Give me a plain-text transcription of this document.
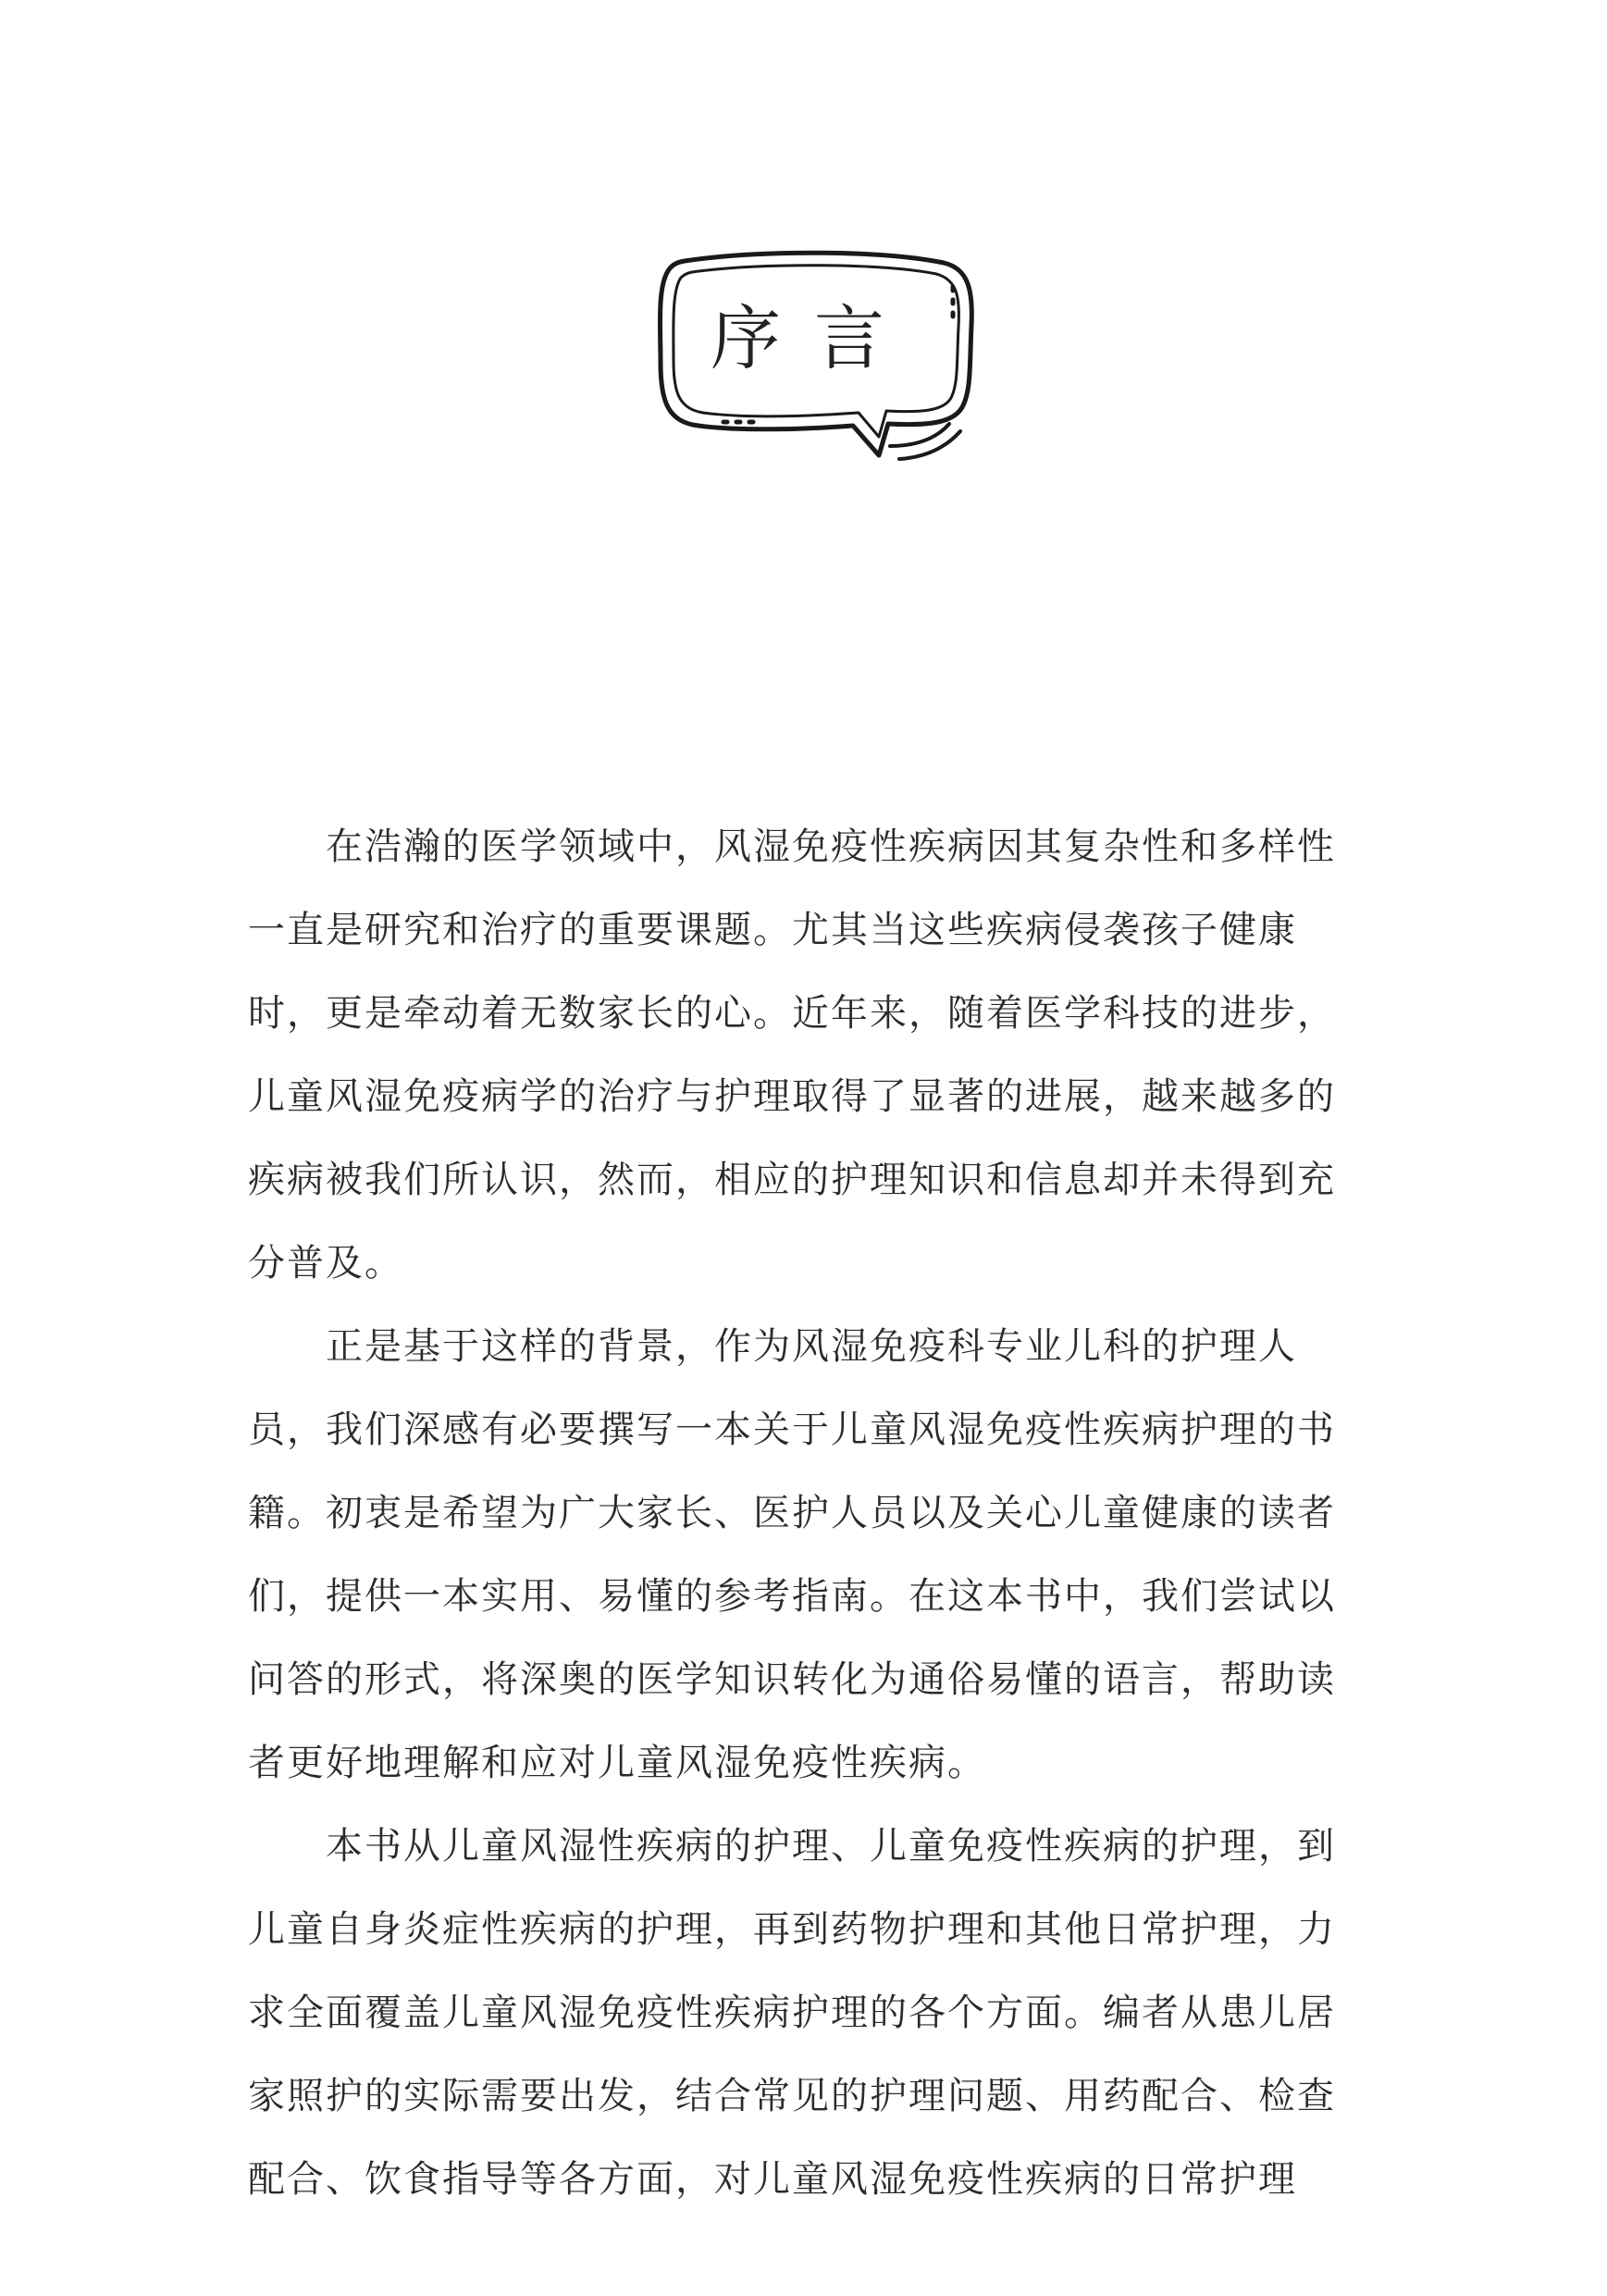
序言

在浩瀚的医学领域中，风湿免疫性疾病因其复杂性和多样性
一直是研究和治疗的重要课题。尤其当这些疾病侵袭孩子健康
时，更是牵动着无数家长的心。近年来，随着医学科技的进步，
儿童风湿免疫病学的治疗与护理取得了显著的进展，越来越多的
疾病被我们所认识，然而，相应的护理知识和信息却并未得到充
分普及。

正是基于这样的背景，作为风湿免疫科专业儿科的护理人
员，我们深感有必要撰写一本关于儿童风湿免疫性疾病护理的书
籍。初衷是希望为广大家长、医护人员以及关心儿童健康的读者
们，提供一本实用、易懂的参考指南。在这本书中，我们尝试以
问答的形式，将深奥的医学知识转化为通俗易懂的语言，帮助读
者更好地理解和应对儿童风湿免疫性疾病。

本书从儿童风湿性疾病的护理、儿童免疫性疾病的护理，到
儿童自身炎症性疾病的护理，再到药物护理和其他日常护理，力
求全面覆盖儿童风湿免疫性疾病护理的各个方面。编者从患儿居
家照护的实际需要出发，结合常见的护理问题、用药配合、检查
配合、饮食指导等各方面，对儿童风湿免疫性疾病的日常护理
